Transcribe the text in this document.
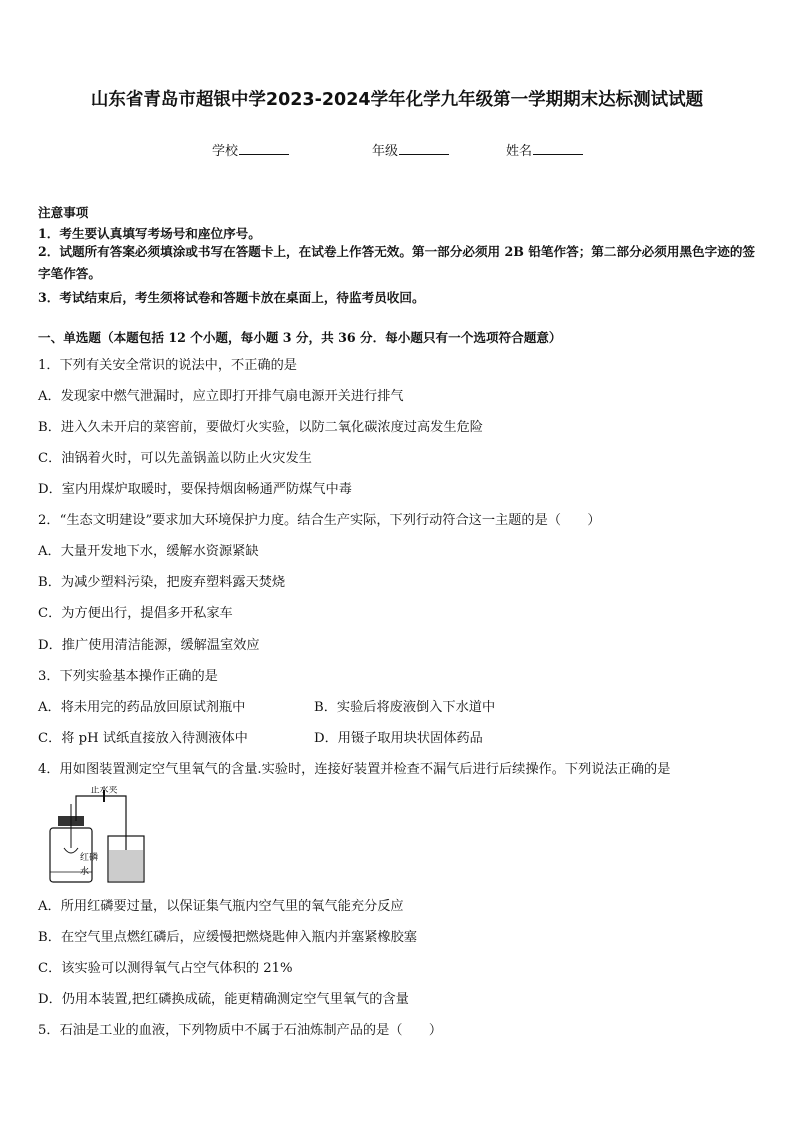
山东省青岛市超银中学2023-2024学年化学九年级第一学期期末达标测试试题
学校	年级	姓名
注意事项
1．考生要认真填写考场号和座位序号。
2．试题所有答案必须填涂或书写在答题卡上，在试卷上作答无效。第一部分必须用 2B 铅笔作答；第二部分必须用黑色字迹的签字笔作答。
3．考试结束后，考生须将试卷和答题卡放在桌面上，待监考员收回。
一、单选题（本题包括 12 个小题，每小题 3 分，共 36 分．每小题只有一个选项符合题意）
1．下列有关安全常识的说法中，不正确的是
A．发现家中燃气泄漏时，应立即打开排气扇电源开关进行排气
B．进入久未开启的菜窖前，要做灯火实验，以防二氧化碳浓度过高发生危险
C．油锅着火时，可以先盖锅盖以防止火灾发生
D．室内用煤炉取暖时，要保持烟囱畅通严防煤气中毒
2．“生态文明建设”要求加大环境保护力度。结合生产实际，下列行动符合这一主题的是（　　）
A．大量开发地下水，缓解水资源紧缺
B．为减少塑料污染，把废弃塑料露天焚烧
C．为方便出行，提倡多开私家车
D．推广使用清洁能源，缓解温室效应
3．下列实验基本操作正确的是
A．将未用完的药品放回原试剂瓶中	B．实验后将废液倒入下水道中
C．将 pH 试纸直接放入待测液体中	D．用镊子取用块状固体药品
4．用如图装置测定空气里氧气的含量.实验时，连接好装置并检查不漏气后进行后续操作。下列说法正确的是
止水夹
红磷
水
A．所用红磷要过量，以保证集气瓶内空气里的氧气能充分反应
B．在空气里点燃红磷后，应缓慢把燃烧匙伸入瓶内并塞紧橡胶塞
C．该实验可以测得氧气占空气体积的 21%
D．仍用本装置,把红磷换成硫，能更精确测定空气里氧气的含量
5．石油是工业的血液，下列物质中不属于石油炼制产品的是（　　）
